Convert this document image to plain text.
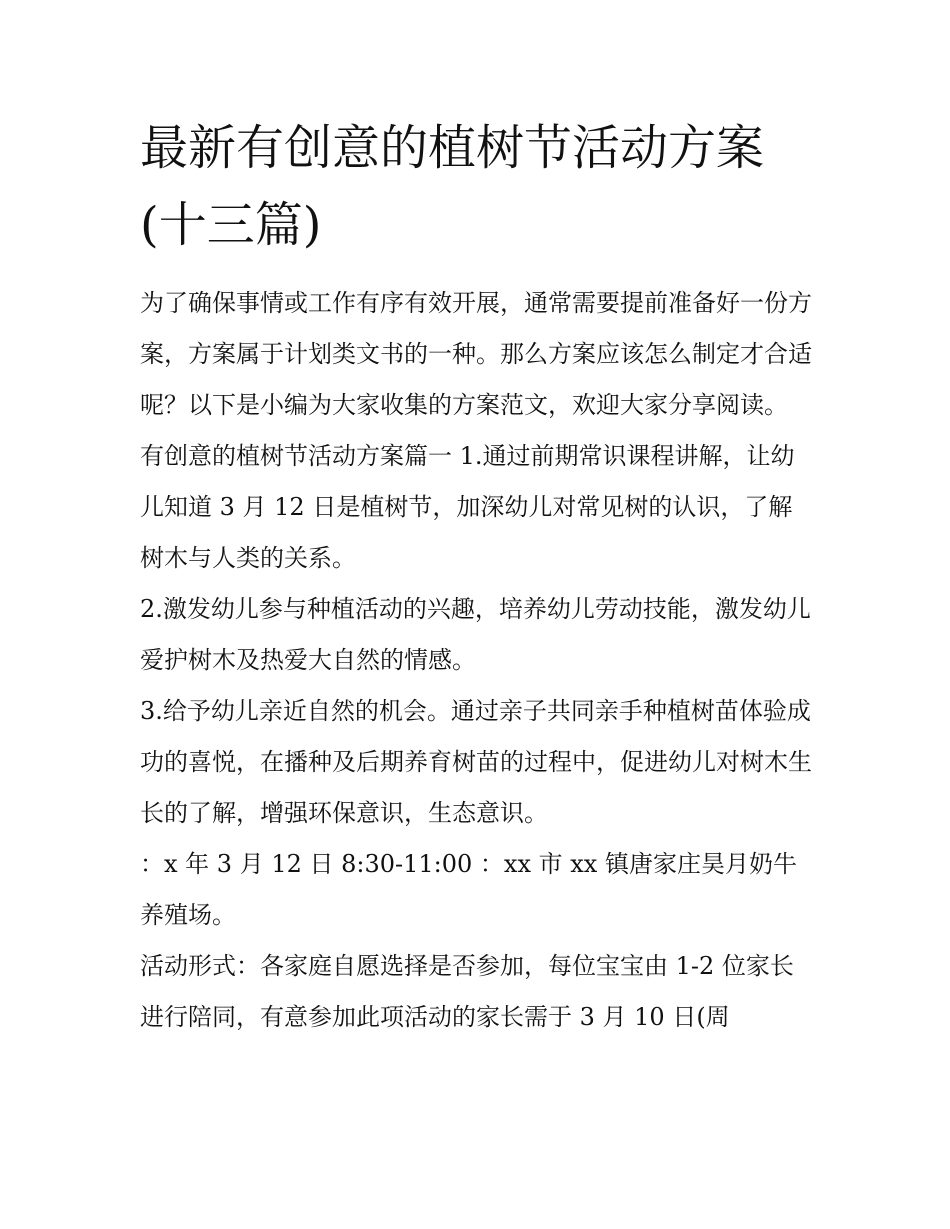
最新有创意的植树节活动方案(十三篇)

为了确保事情或工作有序有效开展，通常需要提前准备好一份方案，方案属于计划类文书的一种。那么方案应该怎么制定才合适呢？以下是小编为大家收集的方案范文，欢迎大家分享阅读。

有创意的植树节活动方案篇一 1.通过前期常识课程讲解，让幼儿知道 3 月 12 日是植树节，加深幼儿对常见树的认识，了解树木与人类的关系。

2.激发幼儿参与种植活动的兴趣，培养幼儿劳动技能，激发幼儿爱护树木及热爱大自然的情感。

3.给予幼儿亲近自然的机会。通过亲子共同亲手种植树苗体验成功的喜悦，在播种及后期养育树苗的过程中，促进幼儿对树木生长的了解，增强环保意识，生态意识。

：x 年 3 月 12 日 8:30-11:00 ：xx 市 xx 镇唐家庄昊月奶牛养殖场。

活动形式：各家庭自愿选择是否参加，每位宝宝由 1-2 位家长进行陪同，有意参加此项活动的家长需于 3 月 10 日(周
